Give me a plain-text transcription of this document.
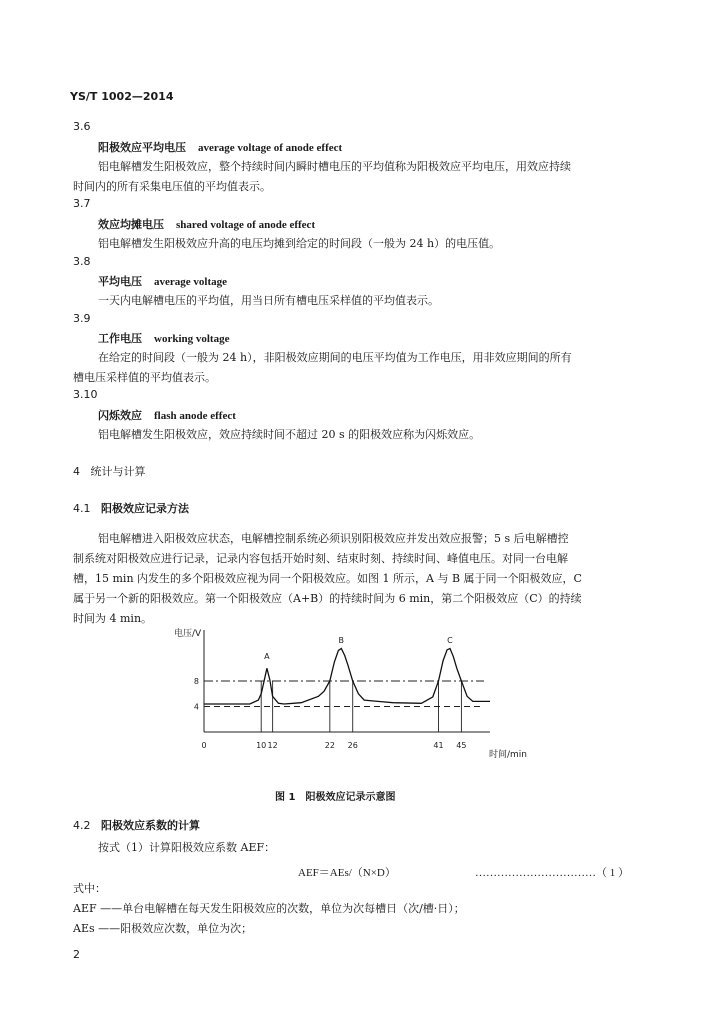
YS/T 1002—2014
3.6
阳极效应平均电压 average voltage of anode effect
铝电解槽发生阳极效应，整个持续时间内瞬时槽电压的平均值称为阳极效应平均电压，用效应持续
时间内的所有采集电压值的平均值表示。
3.7
效应均摊电压 shared voltage of anode effect
铝电解槽发生阳极效应升高的电压均摊到给定的时间段（一般为 24 h）的电压值。
3.8
平均电压 average voltage
一天内电解槽电压的平均值，用当日所有槽电压采样值的平均值表示。
3.9
工作电压 working voltage
在给定的时间段（一般为 24 h），非阳极效应期间的电压平均值为工作电压，用非效应期间的所有
槽电压采样值的平均值表示。
3.10
闪烁效应 flash anode effect
铝电解槽发生阳极效应，效应持续时间不超过 20 s 的阳极效应称为闪烁效应。
4 统计与计算
4.1 阳极效应记录方法
铝电解槽进入阳极效应状态，电解槽控制系统必须识别阳极效应并发出效应报警；5 s 后电解槽控
制系统对阳极效应进行记录，记录内容包括开始时刻、结束时刻、持续时间、峰值电压。对同一台电解
槽，15 min 内发生的多个阳极效应视为同一个阳极效应。如图 1 所示，A 与 B 属于同一个阳极效应，C
属于另一个新的阳极效应。第一个阳极效应（A+B）的持续时间为 6 min，第二个阳极效应（C）的持续
时间为 4 min。
电压/V
时间/min
4
8
0	10 12	22 26	41 45
A
B	C
图 1　阳极效应记录示意图
4.2 阳极效应系数的计算
按式（1）计算阳极效应系数 AEF：
AEF＝AEs/（N×D）	……………………………（ 1 ）
式中：
AEF ——单台电解槽在每天发生阳极效应的次数，单位为次每槽日（次/槽·日）；
AEs ——阳极效应次数，单位为次；
2
